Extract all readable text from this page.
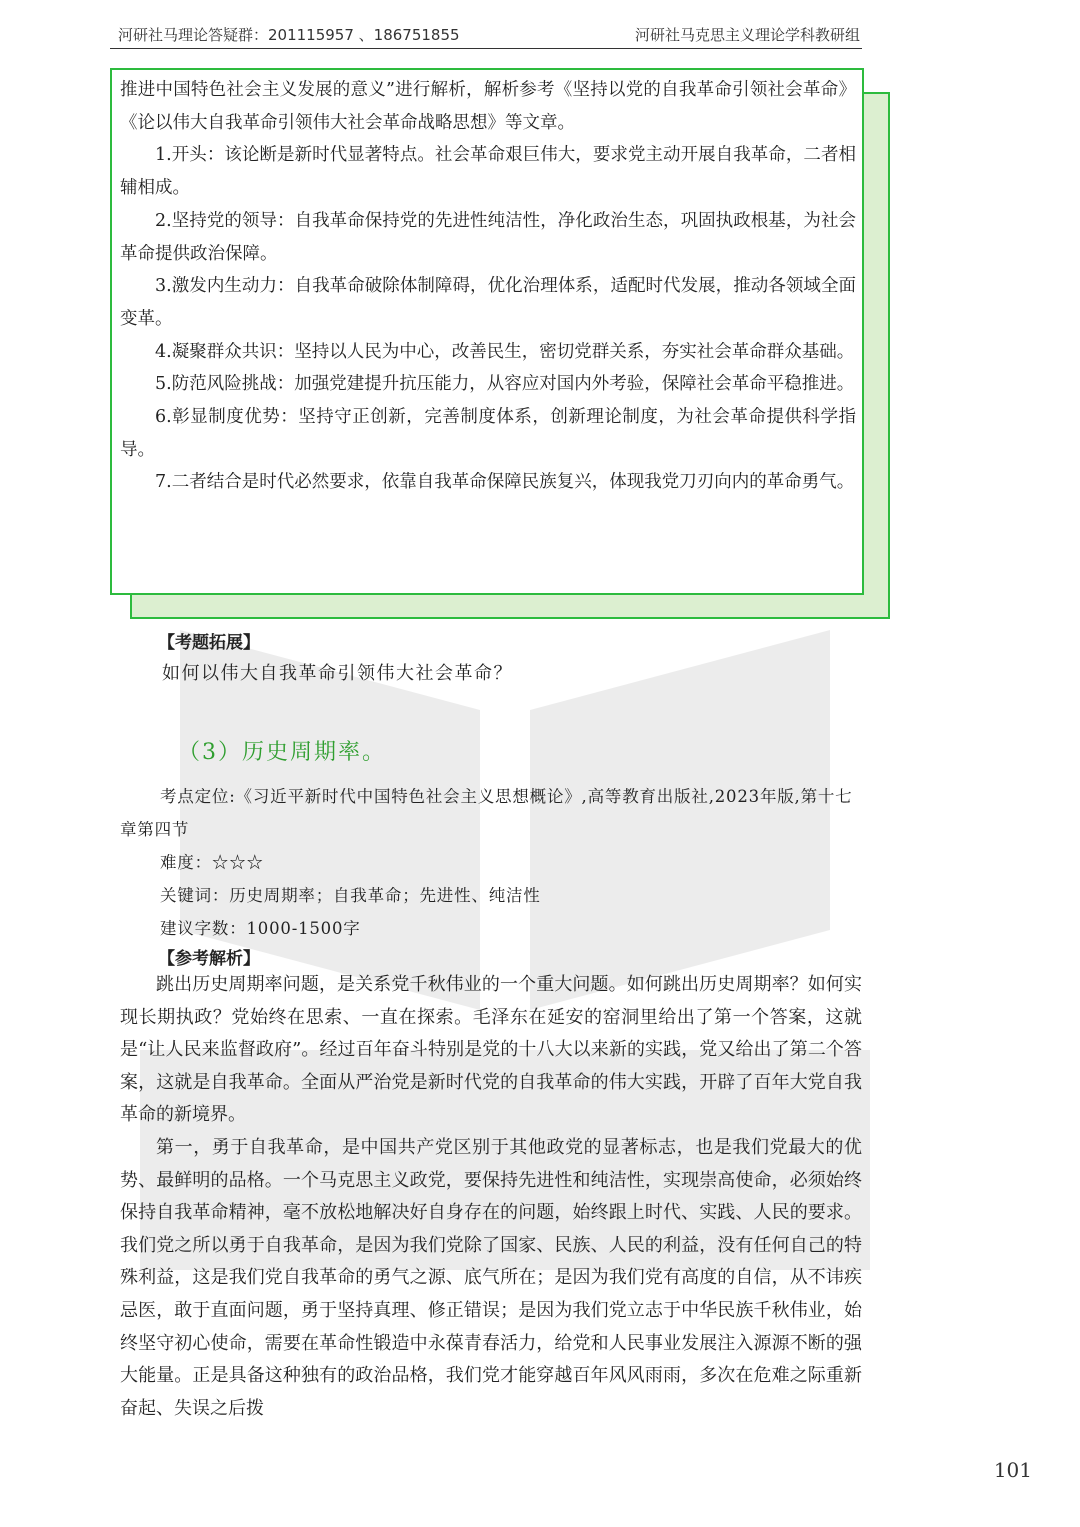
河研社马理论答疑群：201115957 、186751855	河研社马克思主义理论学科教研组

推进中国特色社会主义发展的意义”进行解析，解析参考《坚持以党的自我革命引领社会革命》《论以伟大自我革命引领伟大社会革命战略思想》等文章。

1.开头：该论断是新时代显著特点。社会革命艰巨伟大，要求党主动开展自我革命，二者相辅相成。

2.坚持党的领导：自我革命保持党的先进性纯洁性，净化政治生态，巩固执政根基，为社会革命提供政治保障。

3.激发内生动力：自我革命破除体制障碍，优化治理体系，适配时代发展，推动各领域全面变革。

4.凝聚群众共识：坚持以人民为中心，改善民生，密切党群关系，夯实社会革命群众基础。

5.防范风险挑战：加强党建提升抗压能力，从容应对国内外考验，保障社会革命平稳推进。

6.彰显制度优势：坚持守正创新，完善制度体系，创新理论制度，为社会革命提供科学指导。

7.二者结合是时代必然要求，依靠自我革命保障民族复兴，体现我党刀刃向内的革命勇气。

【考题拓展】
如何以伟大自我革命引领伟大社会革命？
（3）历史周期率。
考点定位:《习近平新时代中国特色社会主义思想概论》,高等教育出版社,2023年版,第十七章第四节
难度：☆☆☆
关键词：历史周期率；自我革命；先进性、纯洁性
建议字数：1000-1500字
【参考解析】

跳出历史周期率问题，是关系党千秋伟业的一个重大问题。如何跳出历史周期率？如何实现长期执政？党始终在思索、一直在探索。毛泽东在延安的窑洞里给出了第一个答案，这就是“让人民来监督政府”。经过百年奋斗特别是党的十八大以来新的实践，党又给出了第二个答案，这就是自我革命。全面从严治党是新时代党的自我革命的伟大实践，开辟了百年大党自我革命的新境界。

第一，勇于自我革命，是中国共产党区别于其他政党的显著标志，也是我们党最大的优势、最鲜明的品格。一个马克思主义政党，要保持先进性和纯洁性，实现崇高使命，必须始终保持自我革命精神，毫不放松地解决好自身存在的问题，始终跟上时代、实践、人民的要求。我们党之所以勇于自我革命，是因为我们党除了国家、民族、人民的利益，没有任何自己的特殊利益，这是我们党自我革命的勇气之源、底气所在；是因为我们党有高度的自信，从不讳疾忌医，敢于直面问题，勇于坚持真理、修正错误；是因为我们党立志于中华民族千秋伟业，始终坚守初心使命，需要在革命性锻造中永葆青春活力，给党和人民事业发展注入源源不断的强大能量。正是具备这种独有的政治品格，我们党才能穿越百年风风雨雨，多次在危难之际重新奋起、失误之后拨

101
